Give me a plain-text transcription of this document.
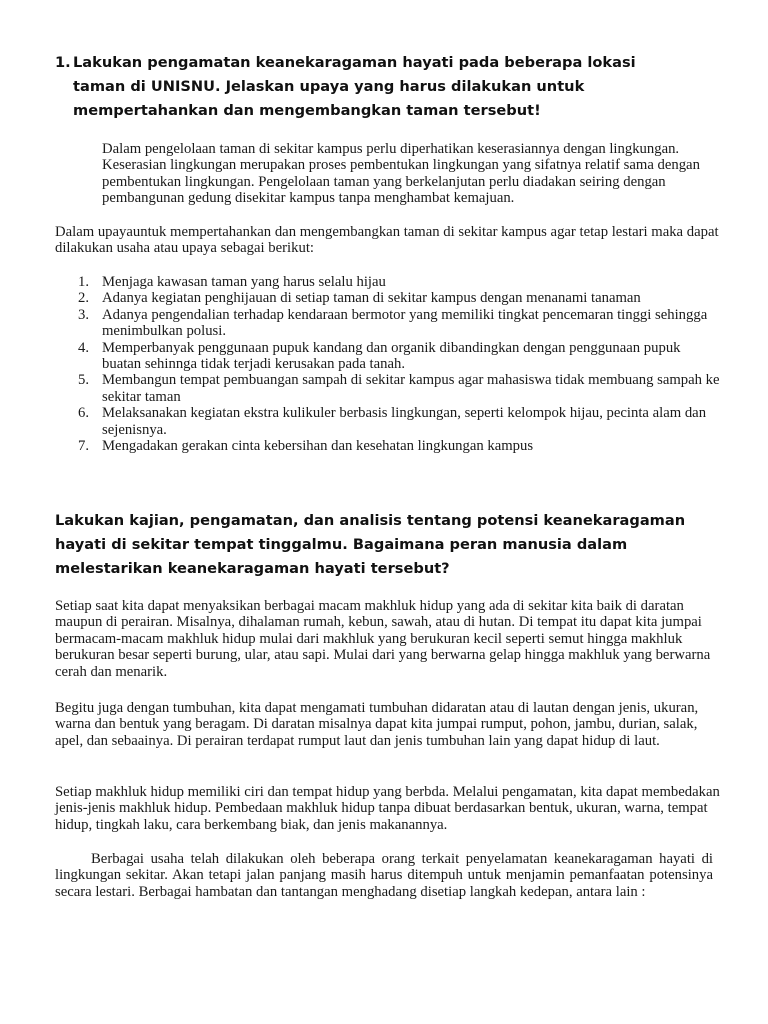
1. Lakukan pengamatan keanekaragaman hayati pada beberapa lokasi taman di UNISNU. Jelaskan upaya yang harus dilakukan untuk mempertahankan dan mengembangkan taman tersebut!

Dalam pengelolaan taman di sekitar kampus perlu diperhatikan keserasiannya dengan lingkungan. Keserasian lingkungan merupakan proses pembentukan lingkungan yang sifatnya relatif sama dengan pembentukan lingkungan. Pengelolaan taman yang berkelanjutan perlu diadakan seiring dengan pembangunan gedung disekitar kampus tanpa menghambat kemajuan.

Dalam upayauntuk mempertahankan dan mengembangkan taman di sekitar kampus agar tetap lestari maka dapat dilakukan usaha atau upaya sebagai berikut:

1. Menjaga kawasan taman yang harus selalu hijau
2. Adanya kegiatan penghijauan di setiap taman di sekitar kampus dengan menanami tanaman
3. Adanya pengendalian terhadap kendaraan bermotor yang memiliki tingkat pencemaran tinggi sehingga menimbulkan polusi.
4. Memperbanyak penggunaan pupuk kandang dan organik dibandingkan dengan penggunaan pupuk buatan sehinnga tidak terjadi kerusakan pada tanah.
5. Membangun tempat pembuangan sampah di sekitar kampus agar mahasiswa tidak membuang sampah ke sekitar taman
6. Melaksanakan kegiatan ekstra kulikuler berbasis lingkungan, seperti kelompok hijau, pecinta alam dan sejenisnya.
7. Mengadakan gerakan cinta kebersihan dan kesehatan lingkungan kampus
Lakukan kajian, pengamatan, dan analisis tentang potensi keanekaragaman hayati di sekitar tempat tinggalmu. Bagaimana peran manusia dalam melestarikan keanekaragaman hayati tersebut?

Setiap saat kita dapat menyaksikan berbagai macam makhluk hidup yang ada di sekitar kita baik di daratan maupun di perairan. Misalnya, dihalaman rumah, kebun, sawah, atau di hutan. Di tempat itu dapat kita jumpai bermacam-macam makhluk hidup mulai dari makhluk yang berukuran kecil seperti semut hingga makhluk berukuran besar seperti burung, ular, atau sapi. Mulai dari yang berwarna gelap hingga makhluk yang berwarna cerah dan menarik.

Begitu juga dengan tumbuhan, kita dapat mengamati tumbuhan didaratan atau di lautan dengan jenis, ukuran, warna dan bentuk yang beragam. Di daratan misalnya dapat kita jumpai rumput, pohon, jambu, durian, salak, apel, dan sebaainya. Di perairan terdapat rumput laut dan jenis tumbuhan lain yang dapat hidup di laut.

Setiap makhluk hidup memiliki ciri dan tempat hidup yang berbda. Melalui pengamatan, kita dapat membedakan jenis-jenis makhluk hidup. Pembedaan makhluk hidup tanpa dibuat berdasarkan bentuk, ukuran, warna, tempat hidup, tingkah laku, cara berkembang biak, dan jenis makanannya.

Berbagai usaha telah dilakukan oleh beberapa orang terkait penyelamatan keanekaragaman hayati di lingkungan sekitar. Akan tetapi jalan panjang masih harus ditempuh untuk menjamin pemanfaatan potensinya secara lestari. Berbagai hambatan dan tantangan menghadang disetiap langkah kedepan, antara lain :
